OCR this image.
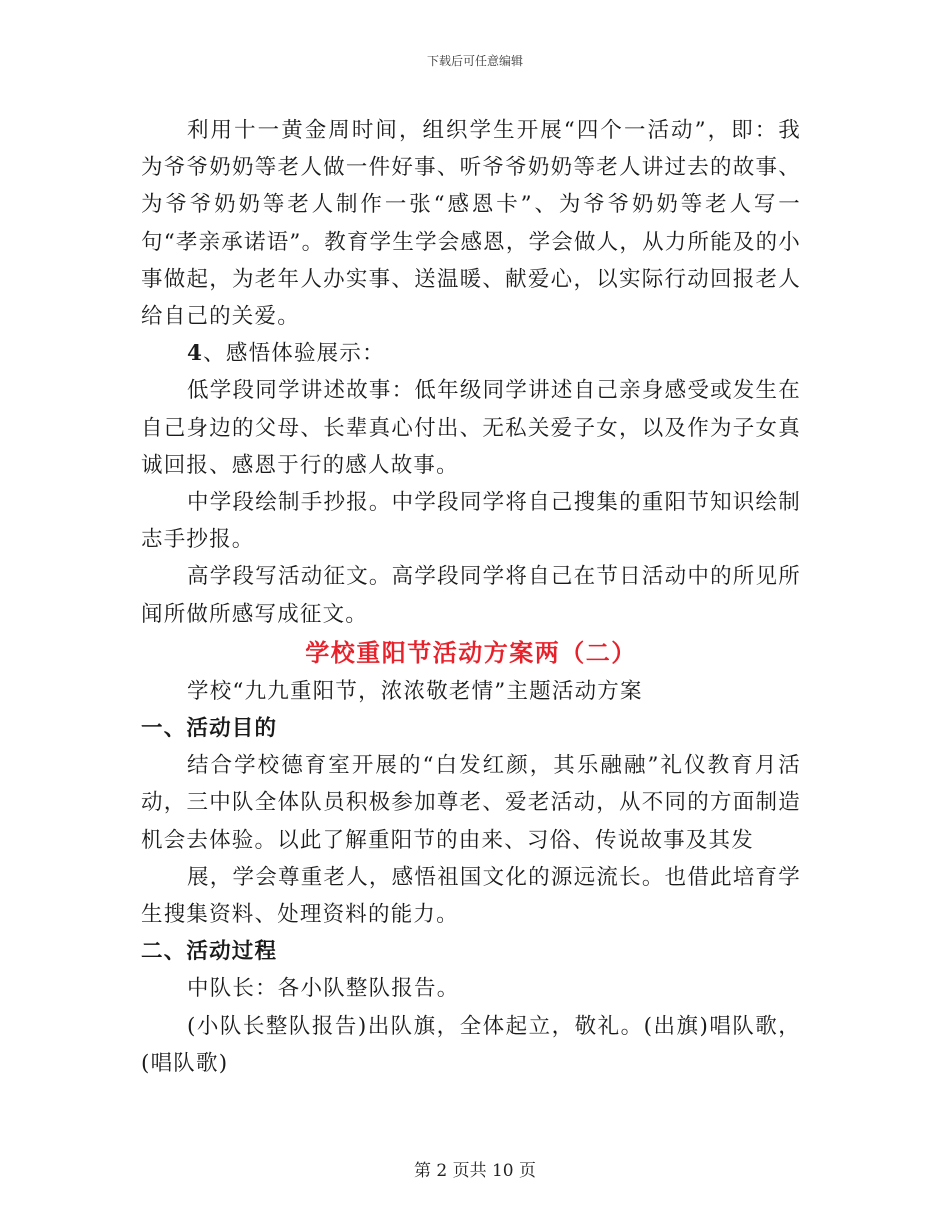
下载后可任意编辑

利用十一黄金周时间，组织学生开展“四个一活动”，即：我为爷爷奶奶等老人做一件好事、听爷爷奶奶等老人讲过去的故事、为爷爷奶奶等老人制作一张“感恩卡”、为爷爷奶奶等老人写一句“孝亲承诺语”。教育学生学会感恩，学会做人，从力所能及的小事做起，为老年人办实事、送温暖、献爱心，以实际行动回报老人给自己的关爱。

4、感悟体验展示：

低学段同学讲述故事：低年级同学讲述自己亲身感受或发生在自己身边的父母、长辈真心付出、无私关爱子女，以及作为子女真诚回报、感恩于行的感人故事。

中学段绘制手抄报。中学段同学将自己搜集的重阳节知识绘制志手抄报。

高学段写活动征文。高学段同学将自己在节日活动中的所见所闻所做所感写成征文。

学校重阳节活动方案两（二）

学校“九九重阳节，浓浓敬老情”主题活动方案

一、活动目的

结合学校德育室开展的“白发红颜，其乐融融”礼仪教育月活动，三中队全体队员积极参加尊老、爱老活动，从不同的方面制造机会去体验。以此了解重阳节的由来、习俗、传说故事及其发

展，学会尊重老人，感悟祖国文化的源远流长。也借此培育学生搜集资料、处理资料的能力。

二、活动过程

中队长：各小队整队报告。

(小队长整队报告)出队旗，全体起立，敬礼。(出旗)唱队歌，(唱队歌)

第 2 页共 10 页
